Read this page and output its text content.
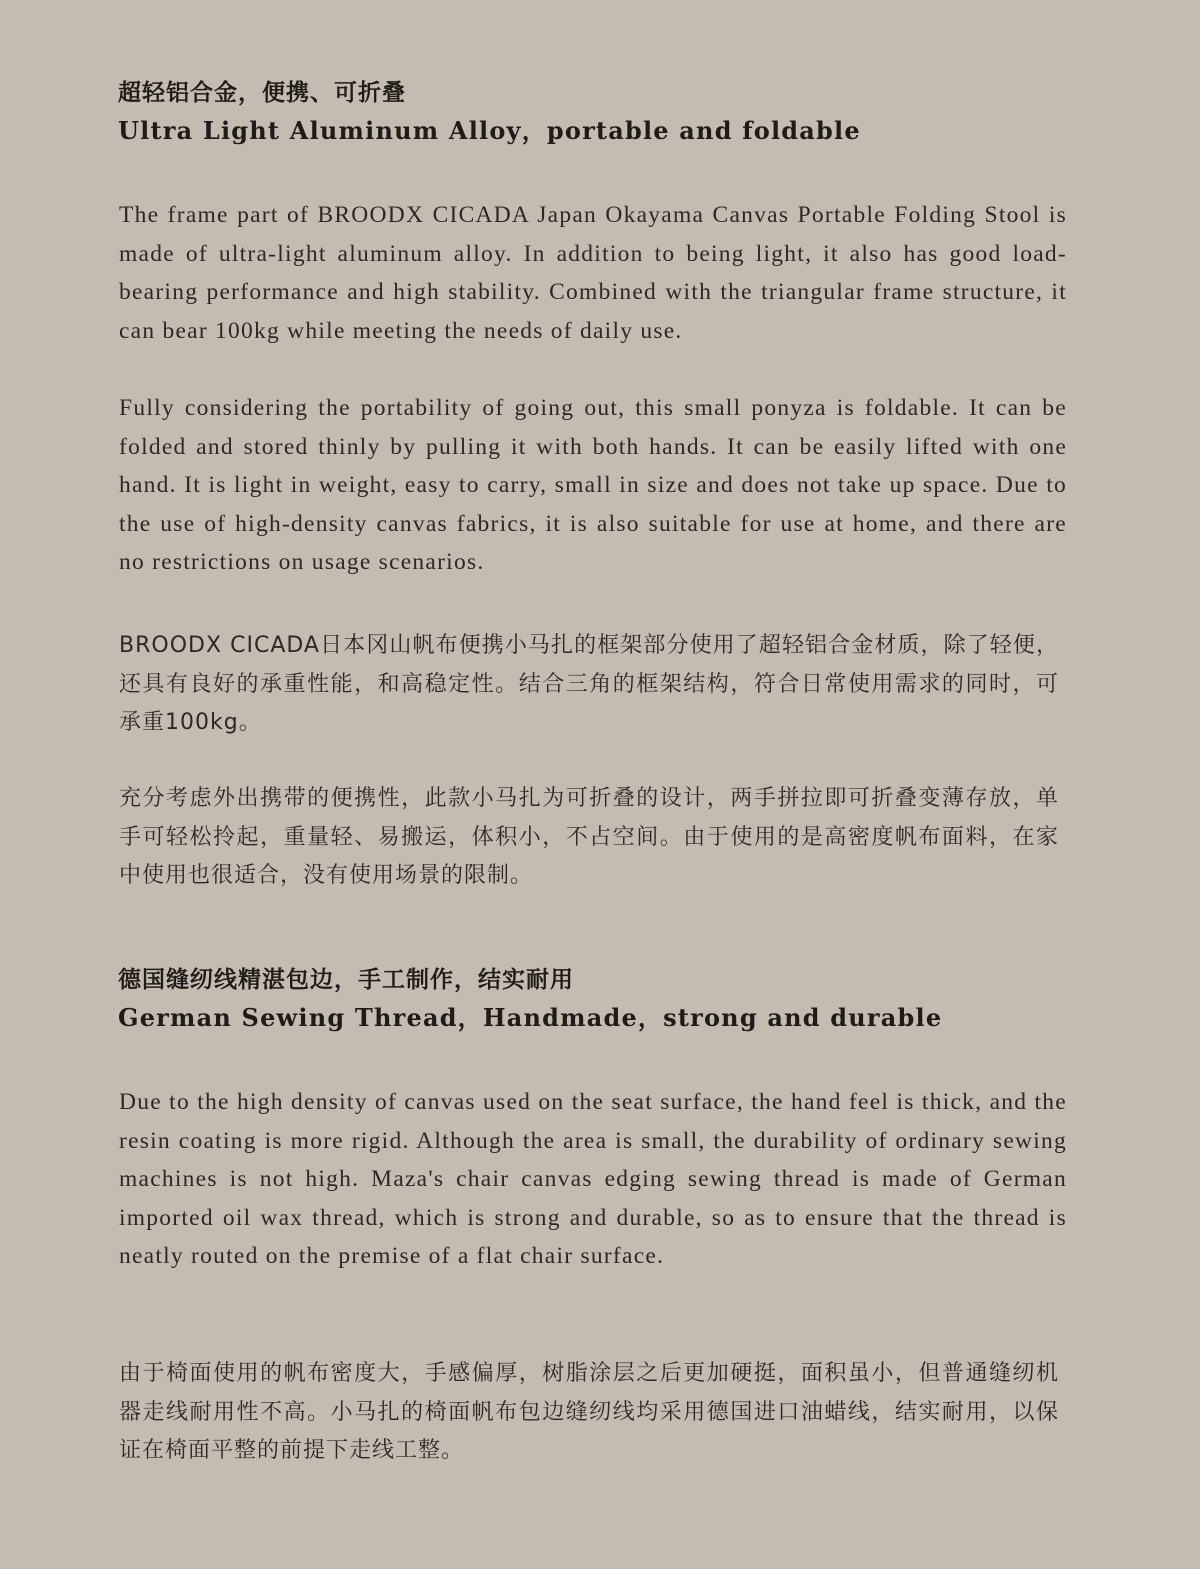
超轻铝合金，便携、可折叠
Ultra Light Aluminum Alloy，portable and foldable

The frame part of BROODX CICADA Japan Okayama Canvas Portable Folding Stool is made of ultra-light aluminum alloy. In addition to being light, it also has good load-bearing performance and high stability. Combined with the triangular frame structure, it can bear 100kg while meeting the needs of daily use.

Fully considering the portability of going out, this small ponyza is foldable. It can be folded and stored thinly by pulling it with both hands. It can be easily lifted with one hand. It is light in weight, easy to carry, small in size and does not take up space. Due to the use of high-density canvas fabrics, it is also suitable for use at home, and there are no restrictions on usage scenarios.

BROODX CICADA日本冈山帆布便携小马扎的框架部分使用了超轻铝合金材质，除了轻便，还具有良好的承重性能，和高稳定性。结合三角的框架结构，符合日常使用需求的同时，可承重100kg。

充分考虑外出携带的便携性，此款小马扎为可折叠的设计，两手拼拉即可折叠变薄存放，单手可轻松拎起，重量轻、易搬运，体积小，不占空间。由于使用的是高密度帆布面料，在家中使用也很适合，没有使用场景的限制。

德国缝纫线精湛包边，手工制作，结实耐用
German Sewing Thread，Handmade，strong and durable

Due to the high density of canvas used on the seat surface, the hand feel is thick, and the resin coating is more rigid. Although the area is small, the durability of ordinary sewing machines is not high. Maza's chair canvas edging sewing thread is made of German imported oil wax thread, which is strong and durable, so as to ensure that the thread is neatly routed on the premise of a flat chair surface.

由于椅面使用的帆布密度大，手感偏厚，树脂涂层之后更加硬挺，面积虽小，但普通缝纫机器走线耐用性不高。小马扎的椅面帆布包边缝纫线均采用德国进口油蜡线，结实耐用，以保证在椅面平整的前提下走线工整。
